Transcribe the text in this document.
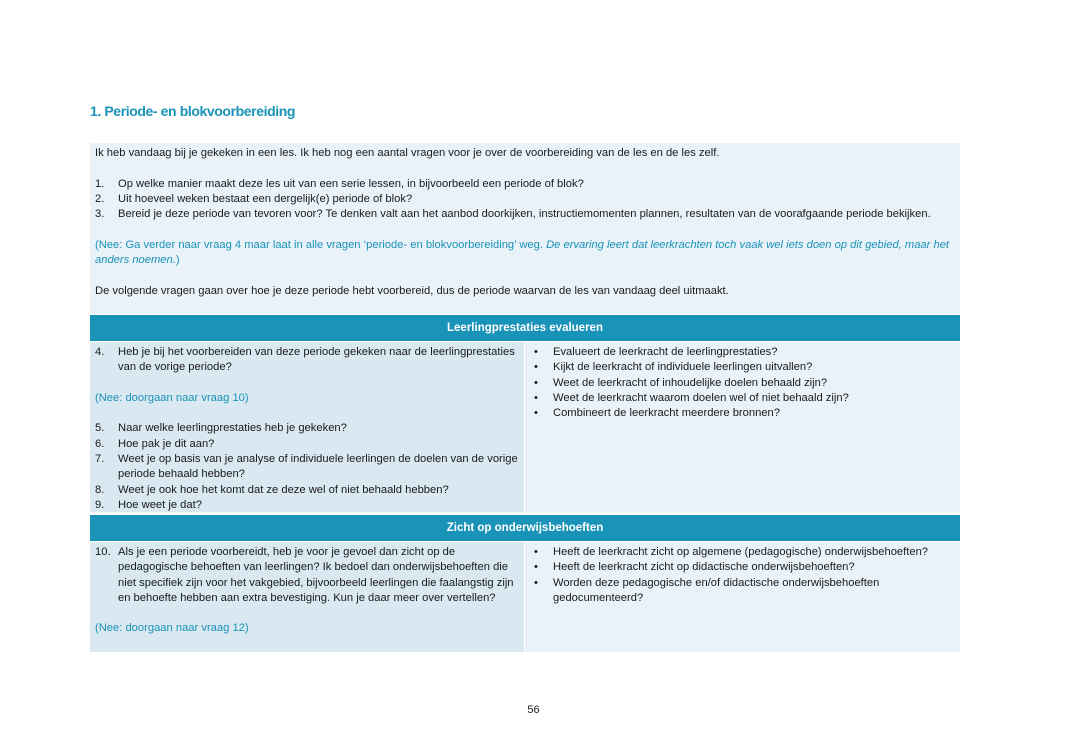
1. Periode- en blokvoorbereiding

Ik heb vandaag bij je gekeken in een les. Ik heb nog een aantal vragen voor je over de voorbereiding van de les en de les zelf.

1. Op welke manier maakt deze les uit van een serie lessen, in bijvoorbeeld een periode of blok?
2. Uit hoeveel weken bestaat een dergelijk(e) periode of blok?
3. Bereid je deze periode van tevoren voor? Te denken valt aan het aanbod doorkijken, instructiemomenten plannen, resultaten van de voorafgaande periode bekijken.

(Nee: Ga verder naar vraag 4 maar laat in alle vragen ‘periode- en blokvoorbereiding’ weg. De ervaring leert dat leerkrachten toch vaak wel iets doen op dit gebied, maar het anders noemen.)

De volgende vragen gaan over hoe je deze periode hebt voorbereid, dus de periode waarvan de les van vandaag deel uitmaakt.

Leerlingprestaties evalueren
4. Heb je bij het voorbereiden van deze periode gekeken naar de leerlingprestaties van de vorige periode?

(Nee: doorgaan naar vraag 10)

5. Naar welke leerlingprestaties heb je gekeken?
6. Hoe pak je dit aan?
7. Weet je op basis van je analyse of individuele leerlingen de doelen van de vorige periode behaald hebben?
8. Weet je ook hoe het komt dat ze deze wel of niet behaald hebben?
9. Hoe weet je dat?
• Evalueert de leerkracht de leerlingprestaties?
• Kijkt de leerkracht of individuele leerlingen uitvallen?
• Weet de leerkracht of inhoudelijke doelen behaald zijn?
• Weet de leerkracht waarom doelen wel of niet behaald zijn?
• Combineert de leerkracht meerdere bronnen?
Zicht op onderwijsbehoeften
10. Als je een periode voorbereidt, heb je voor je gevoel dan zicht op de pedagogische behoeften van leerlingen? Ik bedoel dan onderwijsbehoeften die niet specifiek zijn voor het vakgebied, bijvoorbeeld leerlingen die faalangstig zijn en behoefte hebben aan extra bevestiging. Kun je daar meer over vertellen?

(Nee: doorgaan naar vraag 12)

• Heeft de leerkracht zicht op algemene (pedagogische) onderwijsbehoeften?
• Heeft de leerkracht zicht op didactische onderwijsbehoeften?
• Worden deze pedagogische en/of didactische onderwijsbehoeften gedocumenteerd?
56
